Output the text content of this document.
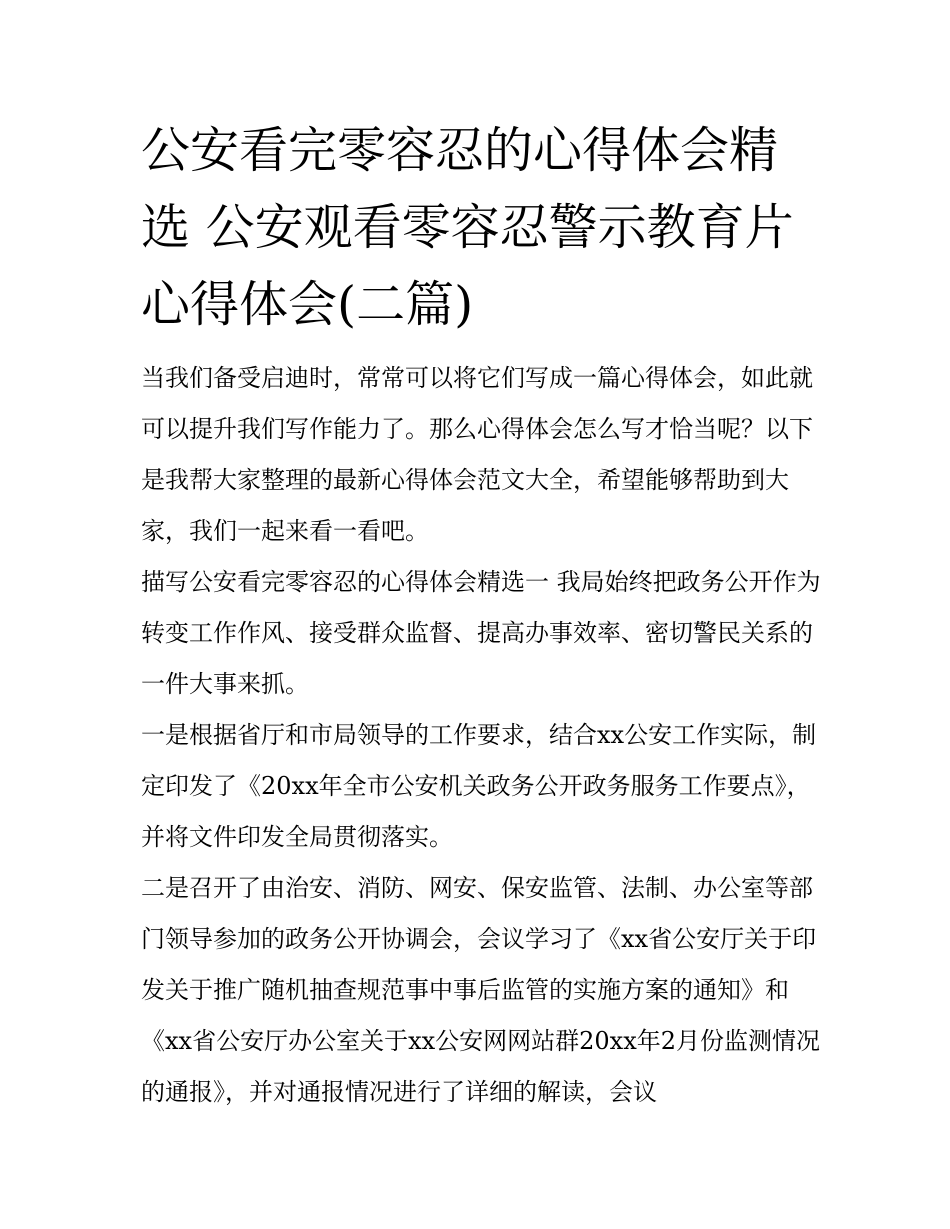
公安看完零容忍的心得体会精选 公安观看零容忍警示教育片心得体会(二篇)

当我们备受启迪时，常常可以将它们写成一篇心得体会，如此就可以提升我们写作能力了。那么心得体会怎么写才恰当呢？以下是我帮大家整理的最新心得体会范文大全，希望能够帮助到大家，我们一起来看一看吧。

描写公安看完零容忍的心得体会精选一 我局始终把政务公开作为转变工作作风、接受群众监督、提高办事效率、密切警民关系的一件大事来抓。

一是根据省厅和市局领导的工作要求，结合xx公安工作实际，制定印发了《20xx年全市公安机关政务公开政务服务工作要点》，并将文件印发全局贯彻落实。

二是召开了由治安、消防、网安、保安监管、法制、办公室等部门领导参加的政务公开协调会，会议学习了《xx省公安厅关于印发关于推广随机抽查规范事中事后监管的实施方案的通知》和《xx省公安厅办公室关于xx公安网网站群20xx年2月份监测情况的通报》，并对通报情况进行了详细的解读，会议
